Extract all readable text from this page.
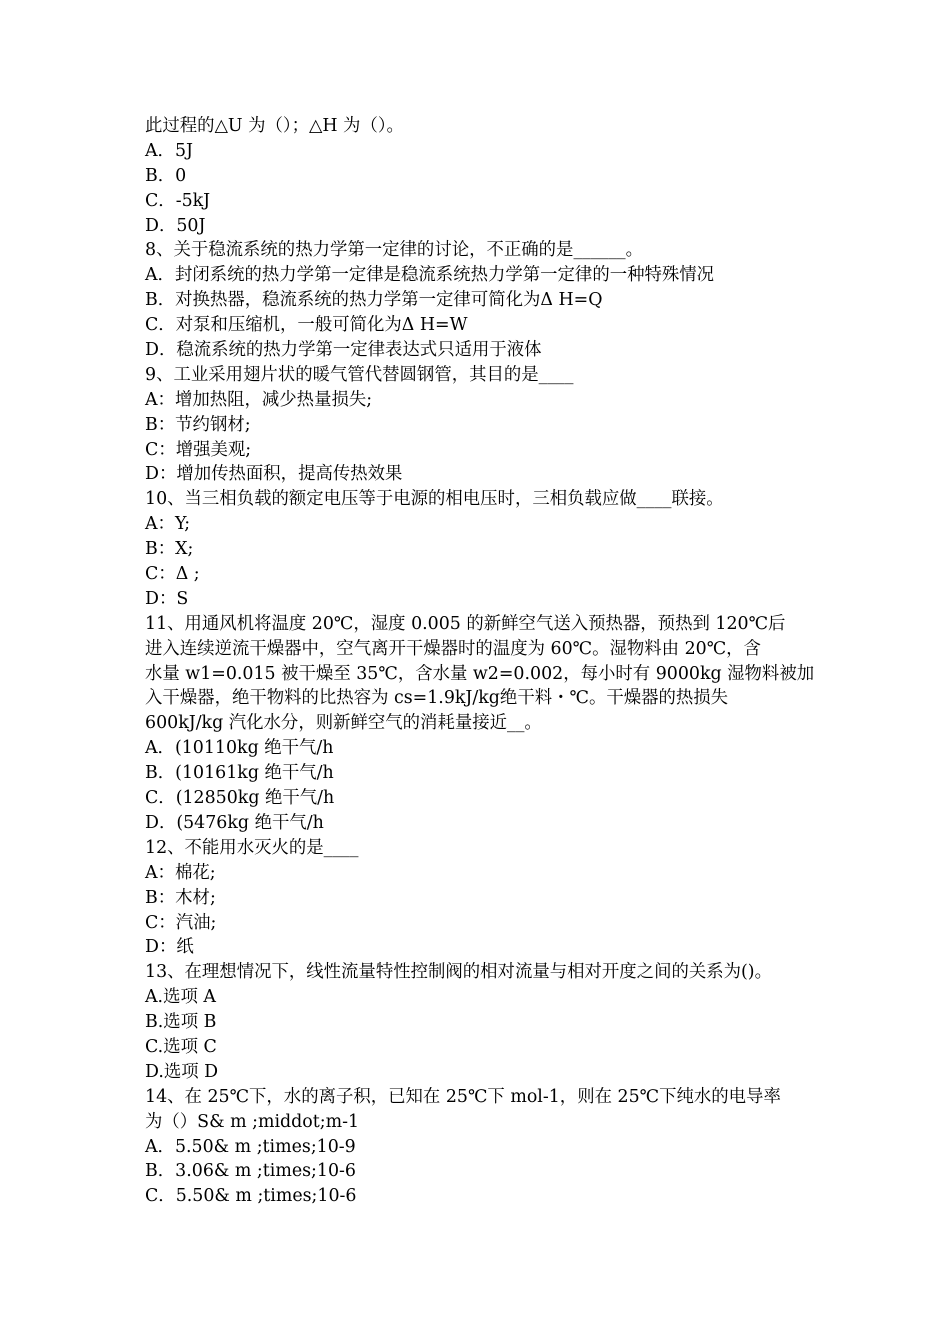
此过程的△U 为（）；△H 为（）。
A．5J
B．0
C．-5kJ
D．50J
8、关于稳流系统的热力学第一定律的讨论，不正确的是______。
A．封闭系统的热力学第一定律是稳流系统热力学第一定律的一种特殊情况
B．对换热器，稳流系统的热力学第一定律可简化为Δ H=Q
C．对泵和压缩机，一般可简化为Δ H=W
D．稳流系统的热力学第一定律表达式只适用于液体
9、工业采用翅片状的暖气管代替圆钢管，其目的是____
A：增加热阻，减少热量损失;
B：节约钢材;
C：增强美观;
D：增加传热面积，提高传热效果
10、当三相负载的额定电压等于电源的相电压时，三相负载应做____联接。
A：Y;
B：X;
C：Δ ;
D：S
11、用通风机将温度 20℃，湿度 0.005 的新鲜空气送入预热器，预热到 120℃后
进入连续逆流干燥器中，空气离开干燥器时的温度为 60℃。湿物料由 20℃，含
水量 w1=0.015 被干燥至 35℃，含水量 w2=0.002，每小时有 9000kg 湿物料被加
入干燥器，绝干物料的比热容为 cs=1.9kJ/kg绝干料・℃。干燥器的热损失
600kJ/kg 汽化水分，则新鲜空气的消耗量接近__。
A．(10110kg 绝干气/h
B．(10161kg 绝干气/h
C．(12850kg 绝干气/h
D．(5476kg 绝干气/h
12、不能用水灭火的是____
A：棉花;
B：木材;
C：汽油;
D：纸
13、在理想情况下，线性流量特性控制阀的相对流量与相对开度之间的关系为()。
A.选项 A
B.选项 B
C.选项 C
D.选项 D
14、在 25℃下，水的离子积，已知在 25℃下 mol-1，则在 25℃下纯水的电导率
为（）S& m ;middot;m-1
A．5.50& m ;times;10-9
B．3.06& m ;times;10-6
C．5.50& m ;times;10-6
